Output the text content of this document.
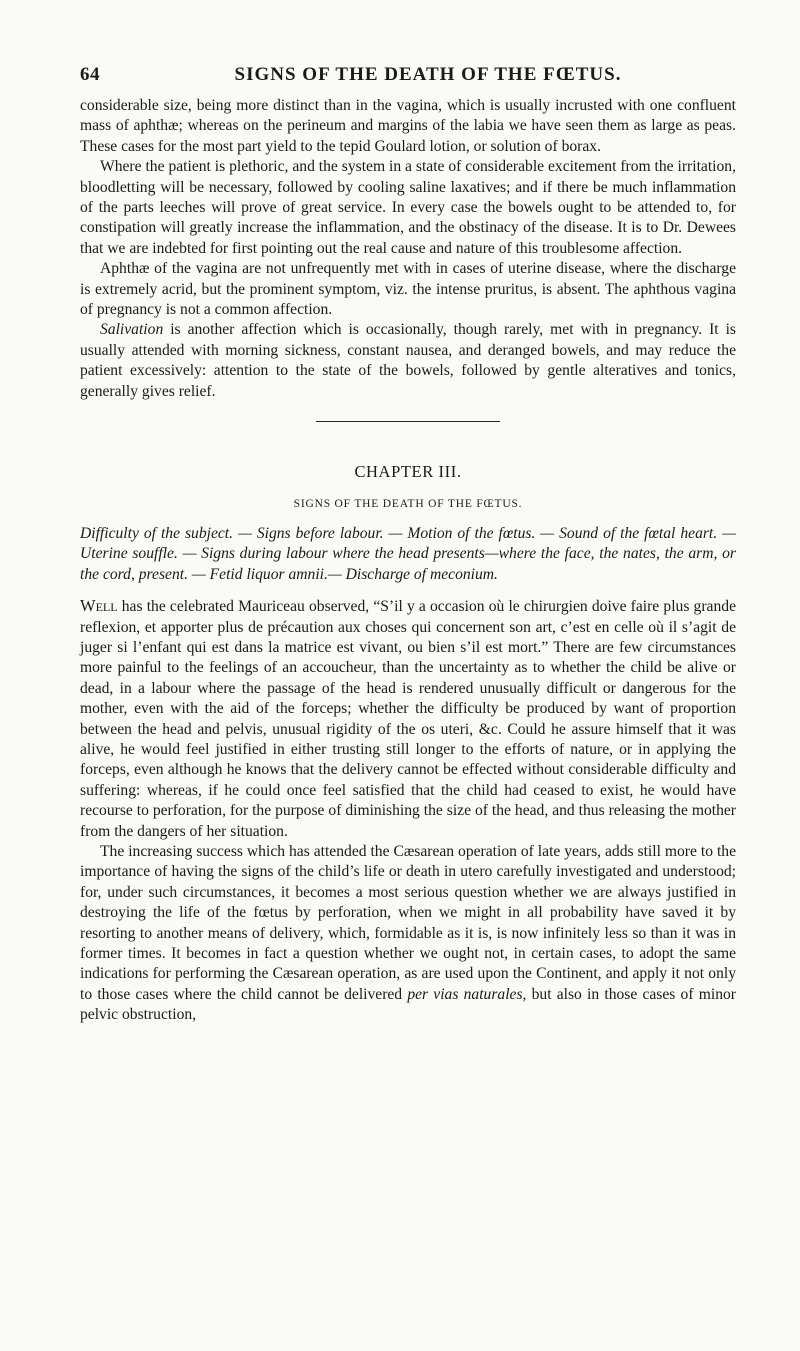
64	SIGNS OF THE DEATH OF THE FŒTUS.

considerable size, being more distinct than in the vagina, which is usually incrusted with one confluent mass of aphthæ; whereas on the perineum and margins of the labia we have seen them as large as peas. These cases for the most part yield to the tepid Goulard lotion, or solution of borax.

Where the patient is plethoric, and the system in a state of considerable excitement from the irritation, bloodletting will be necessary, followed by cooling saline laxatives; and if there be much inflammation of the parts leeches will prove of great service. In every case the bowels ought to be attended to, for constipation will greatly increase the inflammation, and the obstinacy of the disease. It is to Dr. Dewees that we are indebted for first pointing out the real cause and nature of this troublesome affection.

Aphthæ of the vagina are not unfrequently met with in cases of uterine disease, where the discharge is extremely acrid, but the prominent symptom, viz. the intense pruritus, is absent. The aphthous vagina of pregnancy is not a common affection.

Salivation is another affection which is occasionally, though rarely, met with in pregnancy. It is usually attended with morning sickness, constant nausea, and deranged bowels, and may reduce the patient excessively: attention to the state of the bowels, followed by gentle alteratives and tonics, generally gives relief.

CHAPTER III.
SIGNS OF THE DEATH OF THE FŒTUS.

Difficulty of the subject. — Signs before labour. — Motion of the fœtus. — Sound of the fœtal heart. — Uterine souffle. — Signs during labour where the head presents—where the face, the nates, the arm, or the cord, present. — Fetid liquor amnii.— Discharge of meconium.

Well has the celebrated Mauriceau observed, “S’il y a occasion où le chirurgien doive faire plus grande reflexion, et apporter plus de précaution aux choses qui concernent son art, c’est en celle où il s’agit de juger si l’enfant qui est dans la matrice est vivant, ou bien s’il est mort.” There are few circumstances more painful to the feelings of an accoucheur, than the uncertainty as to whether the child be alive or dead, in a labour where the passage of the head is rendered unusually difficult or dangerous for the mother, even with the aid of the forceps; whether the difficulty be produced by want of proportion between the head and pelvis, unusual rigidity of the os uteri, &c. Could he assure himself that it was alive, he would feel justified in either trusting still longer to the efforts of nature, or in applying the forceps, even although he knows that the delivery cannot be effected without considerable difficulty and suffering: whereas, if he could once feel satisfied that the child had ceased to exist, he would have recourse to perforation, for the purpose of diminishing the size of the head, and thus releasing the mother from the dangers of her situation.

The increasing success which has attended the Cæsarean operation of late years, adds still more to the importance of having the signs of the child’s life or death in utero carefully investigated and understood; for, under such circumstances, it becomes a most serious question whether we are always justified in destroying the life of the fœtus by perforation, when we might in all probability have saved it by resorting to another means of delivery, which, formidable as it is, is now infinitely less so than it was in former times. It becomes in fact a question whether we ought not, in certain cases, to adopt the same indications for performing the Cæsarean operation, as are used upon the Continent, and apply it not only to those cases where the child cannot be delivered per vias naturales, but also in those cases of minor pelvic obstruction,
